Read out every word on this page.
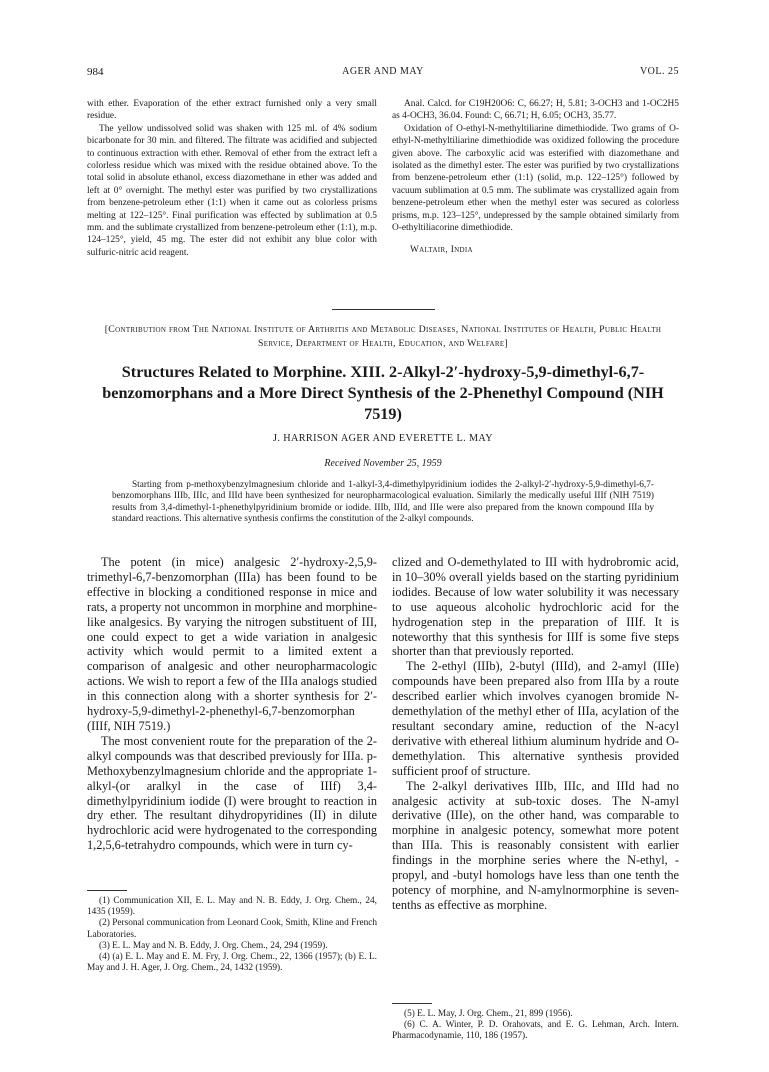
984	AGER AND MAY	VOL. 25

with ether. Evaporation of the ether extract furnished only a very small residue.

The yellow undissolved solid was shaken with 125 ml. of 4% sodium bicarbonate for 30 min. and filtered. The filtrate was acidified and subjected to continuous extraction with ether. Removal of ether from the extract left a colorless residue which was mixed with the residue obtained above. To the total solid in absolute ethanol, excess diazomethane in ether was added and left at 0° overnight. The methyl ester was purified by two crystallizations from benzene-petroleum ether (1:1) when it came out as colorless prisms melting at 122–125°. Final purification was effected by sublimation at 0.5 mm. and the sublimate crystallized from benzene-petroleum ether (1:1), m.p. 124–125°, yield, 45 mg. The ester did not exhibit any blue color with sulfuric-nitric acid reagent.

Anal. Calcd. for C19H20O6: C, 66.27; H, 5.81; 3-OCH3 and 1-OC2H5 as 4-OCH3, 36.04. Found: C, 66.71; H, 6.05; OCH3, 35.77.

Oxidation of O-ethyl-N-methyltiliarine dimethiodide. Two grams of O-ethyl-N-methyltiliarine dimethiodide was oxidized following the procedure given above. The carboxylic acid was esterified with diazomethane and isolated as the dimethyl ester. The ester was purified by two crystallizations from benzene-petroleum ether (1:1) (solid, m.p. 122–125°) followed by vacuum sublimation at 0.5 mm. The sublimate was crystallized again from benzene-petroleum ether when the methyl ester was secured as colorless prisms, m.p. 123–125°, undepressed by the sample obtained similarly from O-ethyltiliacorine dimethiodide.

Waltair, India
[Contribution from The National Institute of Arthritis and Metabolic Diseases, National Institutes of Health, Public Health Service, Department of Health, Education, and Welfare]
Structures Related to Morphine. XIII. 2-Alkyl-2′-hydroxy-5,9-dimethyl-6,7-benzomorphans and a More Direct Synthesis of the 2-Phenethyl Compound (NIH 7519)
J. HARRISON AGER AND EVERETTE L. MAY
Received November 25, 1959

Starting from p-methoxybenzylmagnesium chloride and 1-alkyl-3,4-dimethylpyridinium iodides the 2-alkyl-2′-hydroxy-5,9-dimethyl-6,7-benzomorphans IIIb, IIIc, and IIId have been synthesized for neuropharmacological evaluation. Similarly the medically useful IIIf (NIH 7519) results from 3,4-dimethyl-1-phenethylpyridinium bromide or iodide. IIIb, IIId, and IIIe were also prepared from the known compound IIIa by standard reactions. This alternative synthesis confirms the constitution of the 2-alkyl compounds.

The potent (in mice) analgesic 2′-hydroxy-2,5,9-trimethyl-6,7-benzomorphan (IIIa) has been found to be effective in blocking a conditioned response in mice and rats, a property not uncommon in morphine and morphine-like analgesics. By varying the nitrogen substituent of III, one could expect to get a wide variation in analgesic activity which would permit to a limited extent a comparison of analgesic and other neuropharmacologic actions. We wish to report a few of the IIIa analogs studied in this connection along with a shorter synthesis for 2′-hydroxy-5,9-dimethyl-2-phenethyl-6,7-benzomorphan (IIIf, NIH 7519.)

The most convenient route for the preparation of the 2-alkyl compounds was that described previously for IIIa. p-Methoxybenzylmagnesium chloride and the appropriate 1-alkyl-(or aralkyl in the case of IIIf) 3,4-dimethylpyridinium iodide (I) were brought to reaction in dry ether. The resultant dihydropyridines (II) in dilute hydrochloric acid were hydrogenated to the corresponding 1,2,5,6-tetrahydro compounds, which were in turn cy-

clized and O-demethylated to III with hydrobromic acid, in 10–30% overall yields based on the starting pyridinium iodides. Because of low water solubility it was necessary to use aqueous alcoholic hydrochloric acid for the hydrogenation step in the preparation of IIIf. It is noteworthy that this synthesis for IIIf is some five steps shorter than that previously reported.

The 2-ethyl (IIIb), 2-butyl (IIId), and 2-amyl (IIIe) compounds have been prepared also from IIIa by a route described earlier which involves cyanogen bromide N-demethylation of the methyl ether of IIIa, acylation of the resultant secondary amine, reduction of the N-acyl derivative with ethereal lithium aluminum hydride and O-demethylation. This alternative synthesis provided sufficient proof of structure.

The 2-alkyl derivatives IIIb, IIIc, and IIId had no analgesic activity at sub-toxic doses. The N-amyl derivative (IIIe), on the other hand, was comparable to morphine in analgesic potency, somewhat more potent than IIIa. This is reasonably consistent with earlier findings in the morphine series where the N-ethyl, -propyl, and -butyl homologs have less than one tenth the potency of morphine, and N-amylnormorphine is seven-tenths as effective as morphine.

(1) Communication XII, E. L. May and N. B. Eddy, J. Org. Chem., 24, 1435 (1959).

(2) Personal communication from Leonard Cook, Smith, Kline and French Laboratories.

(3) E. L. May and N. B. Eddy, J. Org. Chem., 24, 294 (1959).

(4) (a) E. L. May and E. M. Fry, J. Org. Chem., 22, 1366 (1957); (b) E. L. May and J. H. Ager, J. Org. Chem., 24, 1432 (1959).

(5) E. L. May, J. Org. Chem., 21, 899 (1956).

(6) C. A. Winter, P. D. Orahovats, and E. G. Lehman, Arch. Intern. Pharmacodynamie, 110, 186 (1957).
